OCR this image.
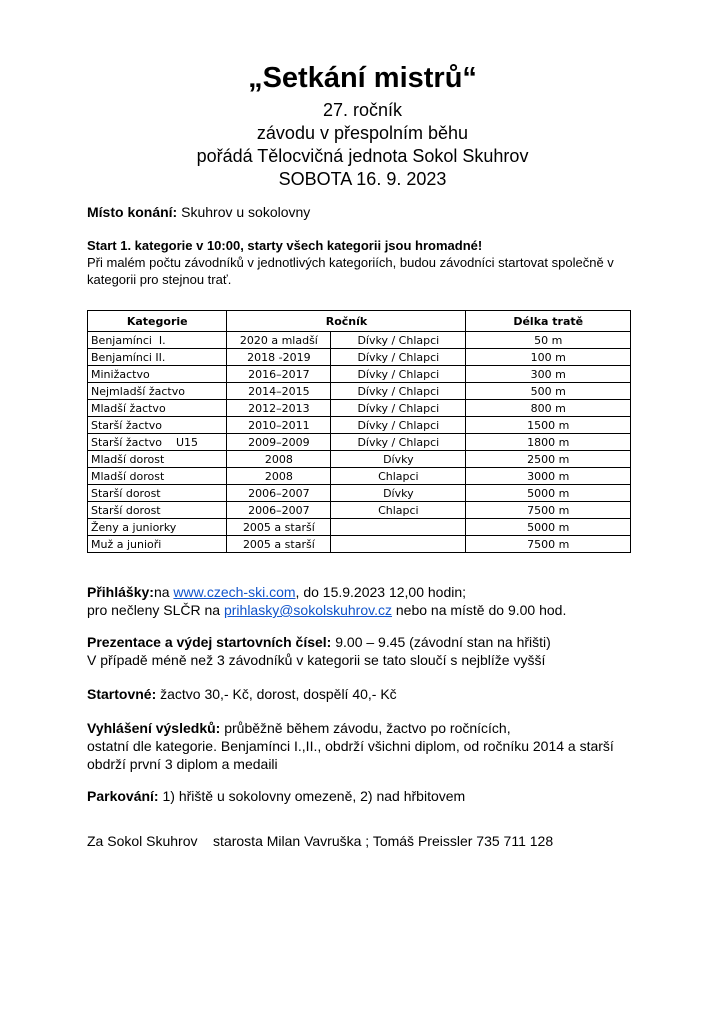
„Setkání mistrů“
27. ročník
závodu v přespolním běhu
pořádá Tělocvičná jednota Sokol Skuhrov
SOBOTA 16. 9. 2023
Místo konání: Skuhrov u sokolovny
Start 1. kategorie v 10:00, starty všech kategorii jsou hromadné!
Při malém počtu závodníků v jednotlivých kategoriích, budou závodníci startovat společně v kategorii pro stejnou trať.
Kategorie	Ročník		Délka tratě
Benjamínci  I.	2020 a mladší	Dívky / Chlapci	50 m
Benjamínci II.	2018 -2019	Dívky / Chlapci	100 m
Minižactvo	2016–2017	Dívky / Chlapci	300 m
Nejmladší žactvo	2014–2015	Dívky / Chlapci	500 m
Mladší žactvo	2012–2013	Dívky / Chlapci	800 m
Starší žactvo	2010–2011	Dívky / Chlapci	1500 m
Starší žactvo    U15	2009–2009	Dívky / Chlapci	1800 m
Mladší dorost	2008	Dívky	2500 m
Mladší dorost	2008	Chlapci	3000 m
Starší dorost	2006–2007	Dívky	5000 m
Starší dorost	2006–2007	Chlapci	7500 m
Ženy a juniorky	2005 a starší		5000 m
Muž a junioři	2005 a starší		7500 m
Přihlášky:na www.czech-ski.com, do 15.9.2023 12,00 hodin;
pro nečleny SLČR na prihlasky@sokolskuhrov.cz nebo na místě do 9.00 hod.
Prezentace a výdej startovních čísel: 9.00 – 9.45 (závodní stan na hřišti)
V případě méně než 3 závodníků v kategorii se tato sloučí s nejblíže vyšší
Startovné: žactvo 30,- Kč, dorost, dospělí 40,- Kč
Vyhlášení výsledků: průběžně během závodu, žactvo po ročnících,
ostatní dle kategorie. Benjamínci I.,II., obdrží všichni diplom, od ročníku 2014 a starší
obdrží první 3 diplom a medaili
Parkování: 1) hřiště u sokolovny omezeně, 2) nad hřbitovem
Za Sokol Skuhrov    starosta Milan Vavruška ; Tomáš Preissler 735 711 128
